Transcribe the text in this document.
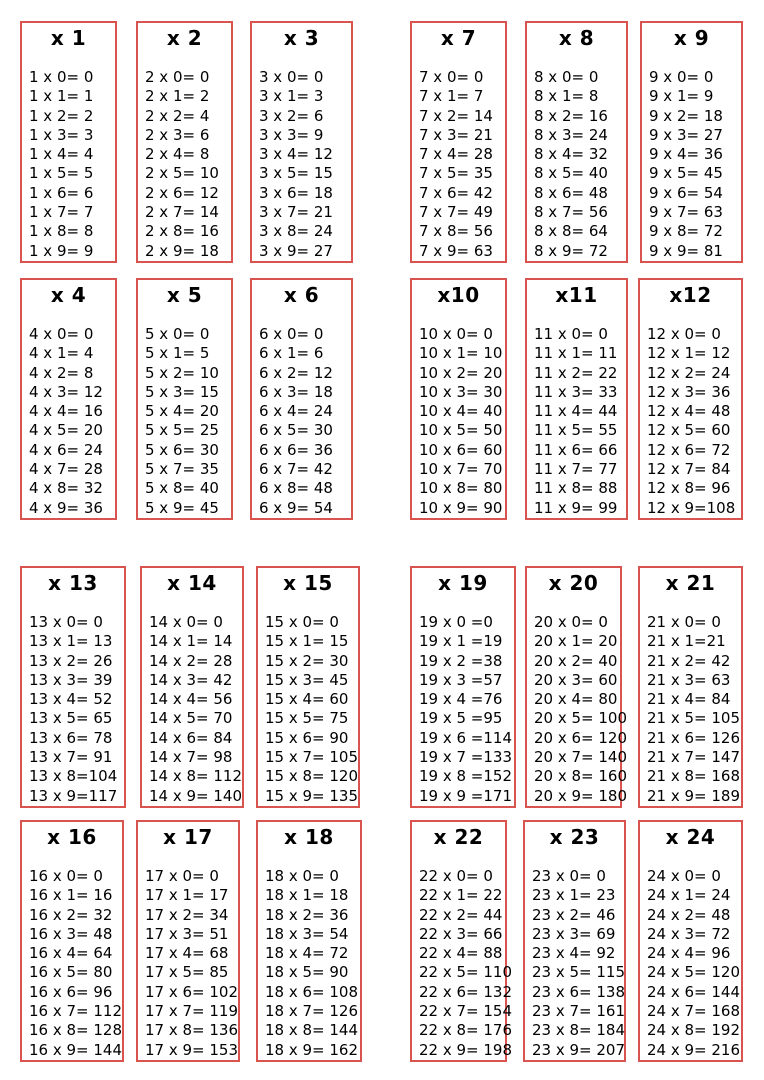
x 1
1 x 0= 0
1 x 1= 1
1 x 2= 2
1 x 3= 3
1 x 4= 4
1 x 5= 5
1 x 6= 6
1 x 7= 7
1 x 8= 8
1 x 9= 9
x 2
2 x 0= 0
2 x 1= 2
2 x 2= 4
2 x 3= 6
2 x 4= 8
2 x 5= 10
2 x 6= 12
2 x 7= 14
2 x 8= 16
2 x 9= 18
x 3
3 x 0= 0
3 x 1= 3
3 x 2= 6
3 x 3= 9
3 x 4= 12
3 x 5= 15
3 x 6= 18
3 x 7= 21
3 x 8= 24
3 x 9= 27
x 7
7 x 0= 0
7 x 1= 7
7 x 2= 14
7 x 3= 21
7 x 4= 28
7 x 5= 35
7 x 6= 42
7 x 7= 49
7 x 8= 56
7 x 9= 63
x 8
8 x 0= 0
8 x 1= 8
8 x 2= 16
8 x 3= 24
8 x 4= 32
8 x 5= 40
8 x 6= 48
8 x 7= 56
8 x 8= 64
8 x 9= 72
x 9
9 x 0= 0
9 x 1= 9
9 x 2= 18
9 x 3= 27
9 x 4= 36
9 x 5= 45
9 x 6= 54
9 x 7= 63
9 x 8= 72
9 x 9= 81
x 4
4 x 0= 0
4 x 1= 4
4 x 2= 8
4 x 3= 12
4 x 4= 16
4 x 5= 20
4 x 6= 24
4 x 7= 28
4 x 8= 32
4 x 9= 36
x 5
5 x 0= 0
5 x 1= 5
5 x 2= 10
5 x 3= 15
5 x 4= 20
5 x 5= 25
5 x 6= 30
5 x 7= 35
5 x 8= 40
5 x 9= 45
x 6
6 x 0= 0
6 x 1= 6
6 x 2= 12
6 x 3= 18
6 x 4= 24
6 x 5= 30
6 x 6= 36
6 x 7= 42
6 x 8= 48
6 x 9= 54
x10
10 x 0= 0
10 x 1= 10
10 x 2= 20
10 x 3= 30
10 x 4= 40
10 x 5= 50
10 x 6= 60
10 x 7= 70
10 x 8= 80
10 x 9= 90
x11
11 x 0= 0
11 x 1= 11
11 x 2= 22
11 x 3= 33
11 x 4= 44
11 x 5= 55
11 x 6= 66
11 x 7= 77
11 x 8= 88
11 x 9= 99
x12
12 x 0= 0
12 x 1= 12
12 x 2= 24
12 x 3= 36
12 x 4= 48
12 x 5= 60
12 x 6= 72
12 x 7= 84
12 x 8= 96
12 x 9=108
x 13
13 x 0= 0
13 x 1= 13
13 x 2= 26
13 x 3= 39
13 x 4= 52
13 x 5= 65
13 x 6= 78
13 x 7= 91
13 x 8=104
13 x 9=117
x 14
14 x 0= 0
14 x 1= 14
14 x 2= 28
14 x 3= 42
14 x 4= 56
14 x 5= 70
14 x 6= 84
14 x 7= 98
14 x 8= 112
14 x 9= 140
x 15
15 x 0= 0
15 x 1= 15
15 x 2= 30
15 x 3= 45
15 x 4= 60
15 x 5= 75
15 x 6= 90
15 x 7= 105
15 x 8= 120
15 x 9= 135
x 19
19 x 0 =0
19 x 1 =19
19 x 2 =38
19 x 3 =57
19 x 4 =76
19 x 5 =95
19 x 6 =114
19 x 7 =133
19 x 8 =152
19 x 9 =171
x 20
20 x 0= 0
20 x 1= 20
20 x 2= 40
20 x 3= 60
20 x 4= 80
20 x 5= 100
20 x 6= 120
20 x 7= 140
20 x 8= 160
20 x 9= 180
x 21
21 x 0= 0
21 x 1=21
21 x 2= 42
21 x 3= 63
21 x 4= 84
21 x 5= 105
21 x 6= 126
21 x 7= 147
21 x 8= 168
21 x 9= 189
x 16
16 x 0= 0
16 x 1= 16
16 x 2= 32
16 x 3= 48
16 x 4= 64
16 x 5= 80
16 x 6= 96
16 x 7= 112
16 x 8= 128
16 x 9= 144
x 17
17 x 0= 0
17 x 1= 17
17 x 2= 34
17 x 3= 51
17 x 4= 68
17 x 5= 85
17 x 6= 102
17 x 7= 119
17 x 8= 136
17 x 9= 153
x 18
18 x 0= 0
18 x 1= 18
18 x 2= 36
18 x 3= 54
18 x 4= 72
18 x 5= 90
18 x 6= 108
18 x 7= 126
18 x 8= 144
18 x 9= 162
x 22
22 x 0= 0
22 x 1= 22
22 x 2= 44
22 x 3= 66
22 x 4= 88
22 x 5= 110
22 x 6= 132
22 x 7= 154
22 x 8= 176
22 x 9= 198
x 23
23 x 0= 0
23 x 1= 23
23 x 2= 46
23 x 3= 69
23 x 4= 92
23 x 5= 115
23 x 6= 138
23 x 7= 161
23 x 8= 184
23 x 9= 207
x 24
24 x 0= 0
24 x 1= 24
24 x 2= 48
24 x 3= 72
24 x 4= 96
24 x 5= 120
24 x 6= 144
24 x 7= 168
24 x 8= 192
24 x 9= 216
